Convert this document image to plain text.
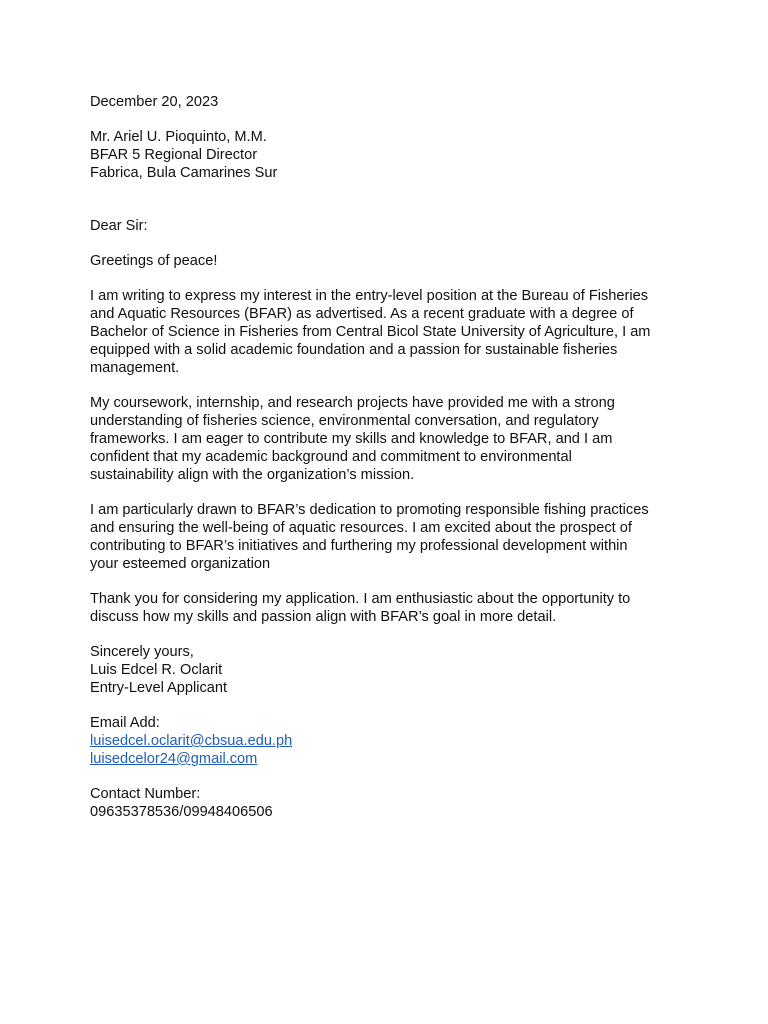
December 20, 2023
Mr. Ariel U. Pioquinto, M.M.
BFAR 5 Regional Director
Fabrica, Bula Camarines Sur
Dear Sir:
Greetings of peace!
I am writing to express my interest in the entry-level position at the Bureau of Fisheries
and Aquatic Resources (BFAR) as advertised. As a recent graduate with a degree of
Bachelor of Science in Fisheries from Central Bicol State University of Agriculture, I am
equipped with a solid academic foundation and a passion for sustainable fisheries
management.
My coursework, internship, and research projects have provided me with a strong
understanding of fisheries science, environmental conversation, and regulatory
frameworks. I am eager to contribute my skills and knowledge to BFAR, and I am
confident that my academic background and commitment to environmental
sustainability align with the organization’s mission.
I am particularly drawn to BFAR’s dedication to promoting responsible fishing practices
and ensuring the well-being of aquatic resources. I am excited about the prospect of
contributing to BFAR’s initiatives and furthering my professional development within
your esteemed organization
Thank you for considering my application. I am enthusiastic about the opportunity to
discuss how my skills and passion align with BFAR’s goal in more detail.
Sincerely yours,
Luis Edcel R. Oclarit
Entry-Level Applicant
Email Add:
luisedcel.oclarit@cbsua.edu.ph
luisedcelor24@gmail.com
Contact Number:
09635378536/09948406506
